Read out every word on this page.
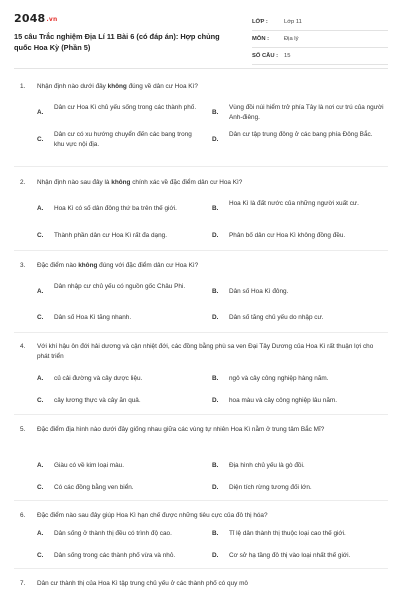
2048.vn
15 câu Trắc nghiệm Địa Lí 11 Bài 6 (có đáp án): Hợp chủng quốc Hoa Kỳ (Phần 5)
LỚP :	Lớp 11
MÔN :	Địa lý
SỐ CÂU : 15
1. Nhận định nào dưới đây không đúng về dân cư Hoa Kì?
A.
Dân cư Hoa Kì chủ yếu sống trong các thành phố.
B.
Vùng đồi núi hiểm trở phía Tây là nơi cư trú của người Anh-điêng.
C.
Dân cư có xu hướng chuyển đến các bang trong khu vực nội địa.
D.
Dân cư tập trung đông ở các bang phía Đông Bắc.
2. Nhận định nào sau đây là không chính xác về đặc điểm dân cư Hoa Kì?
A. Hoa Kì có số dân đông thứ ba trên thế giới.	B.
Hoa Kì là đất nước của những người xuất cư.
C. Thành phần dân cư Hoa Kì rất đa dạng.	D. Phân bố dân cư Hoa Kì không đồng đều.
3. Đặc điểm nào không đúng với đặc điểm dân cư Hoa Kì?
A.
Dân nhập cư chủ yếu có nguồn gốc Châu Phi.
B. Dân số Hoa Kì đông.
C. Dân số Hoa Kì tăng nhanh.	D. Dân số tăng chủ yếu do nhập cư.
4. Với khí hậu ôn đới hải dương và cận nhiệt đới, các đồng bằng phù sa ven Đại Tây Dương của Hoa Kì rất thuận lợi cho phát triển
A. củ cải đường và cây dược liệu.	B. ngô và cây công nghiệp hàng năm.
C. cây lương thực và cây ăn quả.	D. hoa màu và cây công nghiệp lâu năm.
5. Đặc điểm địa hình nào dưới đây giống nhau giữa các vùng tự nhiên Hoa Kì nằm ở trung tâm Bắc Mĩ?
A. Giàu có về kim loại màu.	B. Địa hình chủ yếu là gò đồi.
C. Có các đồng bằng ven biển.	D. Diện tích rừng tương đối lớn.
6. Đặc điểm nào sau đây giúp Hoa Kì hạn chế được những tiêu cực của đô thị hóa?
A. Dân sống ở thành thị đều có trình độ cao.	B. Tỉ lệ dân thành thị thuộc loại cao thế giới.
C. Dân sống trong các thành phố vừa và nhỏ.	D. Cơ sở hạ tầng đô thị vào loại nhất thế giới.
7. Dân cư thành thị của Hoa Kì tập trung chủ yếu ở các thành phố có quy mô
